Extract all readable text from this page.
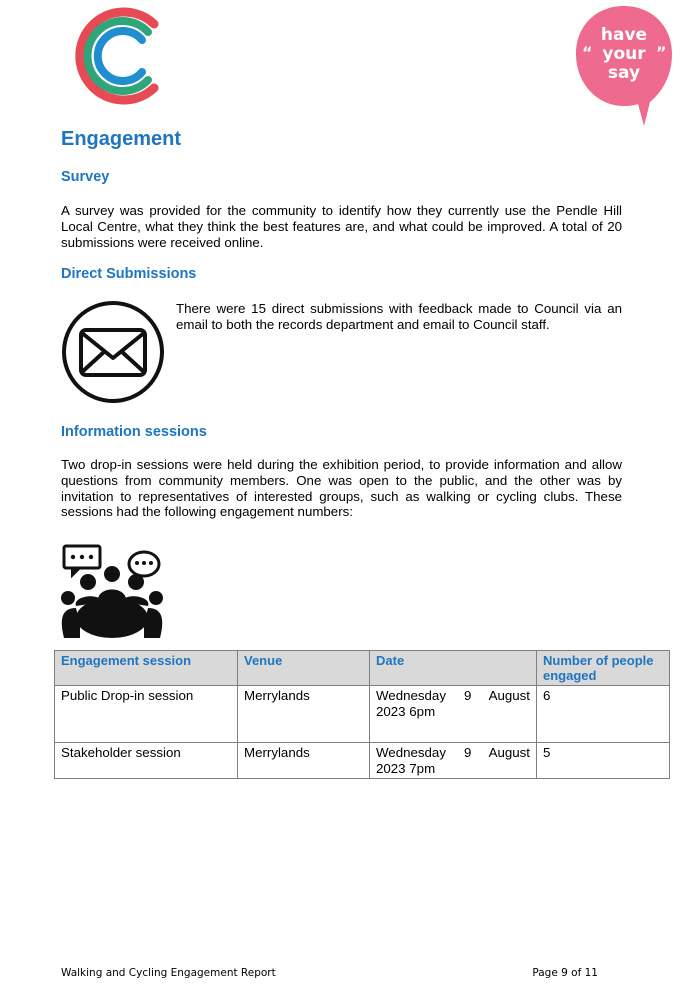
“	”
have
your
say
Engagement
Survey

A survey was provided for the community to identify how they currently use the Pendle Hill Local Centre, what they think the best features are, and what could be improved. A total of 20 submissions were received online.

Direct Submissions

There were 15 direct submissions with feedback made to Council via an email to both the records department and email to Council staff.

Information sessions

Two drop-in sessions were held during the exhibition period, to provide information and allow questions from community members. One was open to the public, and the other was by invitation to representatives of interested groups, such as walking or cycling clubs. These sessions had the following engagement numbers:

Engagement session	Venue	Date	Number of people engaged
Public Drop-in session	Merrylands	Wednesday 9 August 2023 6pm	6
Stakeholder session	Merrylands	Wednesday 9 August 2023 7pm	5
Walking and Cycling Engagement Report	Page 9 of 11
